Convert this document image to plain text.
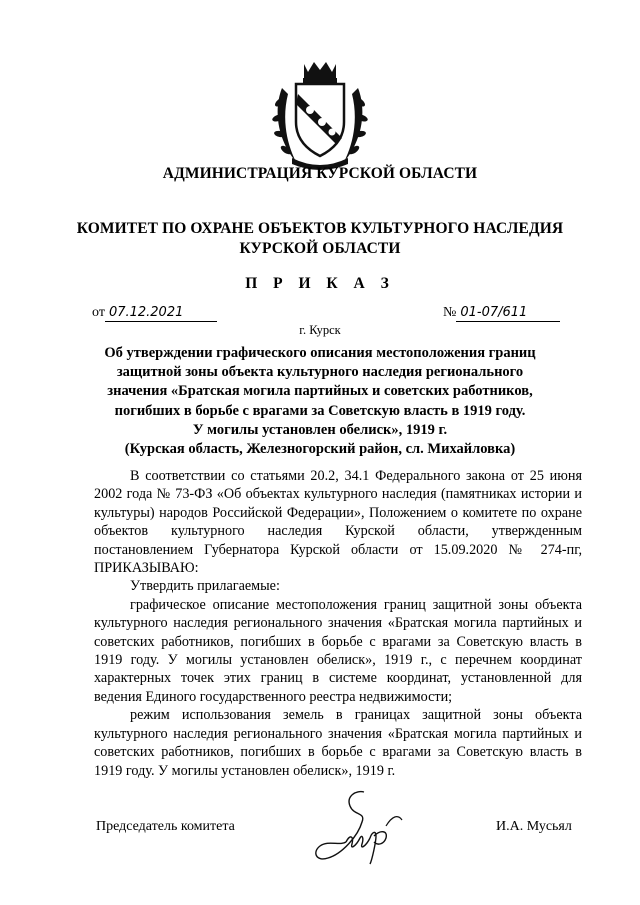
АДМИНИСТРАЦИЯ КУРСКОЙ ОБЛАСТИ
КОМИТЕТ ПО ОХРАНЕ ОБЪЕКТОВ КУЛЬТУРНОГО НАСЛЕДИЯ
КУРСКОЙ ОБЛАСТИ
П Р И К А З
от 07.12.2021	№ 01-07/611
г. Курск
Об утверждении графического описания местоположения границ
защитной зоны объекта культурного наследия регионального
значения «Братская могила партийных и советских работников,
погибших в борьбе с врагами за Советскую власть в 1919 году.
У могилы установлен обелиск», 1919 г.
(Курская область, Железногорский район, сл. Михайловка)

В соответствии со статьями 20.2, 34.1 Федерального закона от 25 июня 2002 года № 73-ФЗ «Об объектах культурного наследия (памятниках истории и культуры) народов Российской Федерации», Положением о комитете по охране объектов культурного наследия Курской области, утвержденным постановлением Губернатора Курской области от 15.09.2020 № 274-пг, ПРИКАЗЫВАЮ:

Утвердить прилагаемые:

графическое описание местоположения границ защитной зоны объекта культурного наследия регионального значения «Братская могила партийных и советских работников, погибших в борьбе с врагами за Советскую власть в 1919 году. У могилы установлен обелиск», 1919 г., с перечнем координат характерных точек этих границ в системе координат, установленной для ведения Единого государственного реестра недвижимости;

режим использования земель в границах защитной зоны объекта культурного наследия регионального значения «Братская могила партийных и советских работников, погибших в борьбе с врагами за Советскую власть в 1919 году. У могилы установлен обелиск», 1919 г.

Председатель комитета	И.А. Мусьял
